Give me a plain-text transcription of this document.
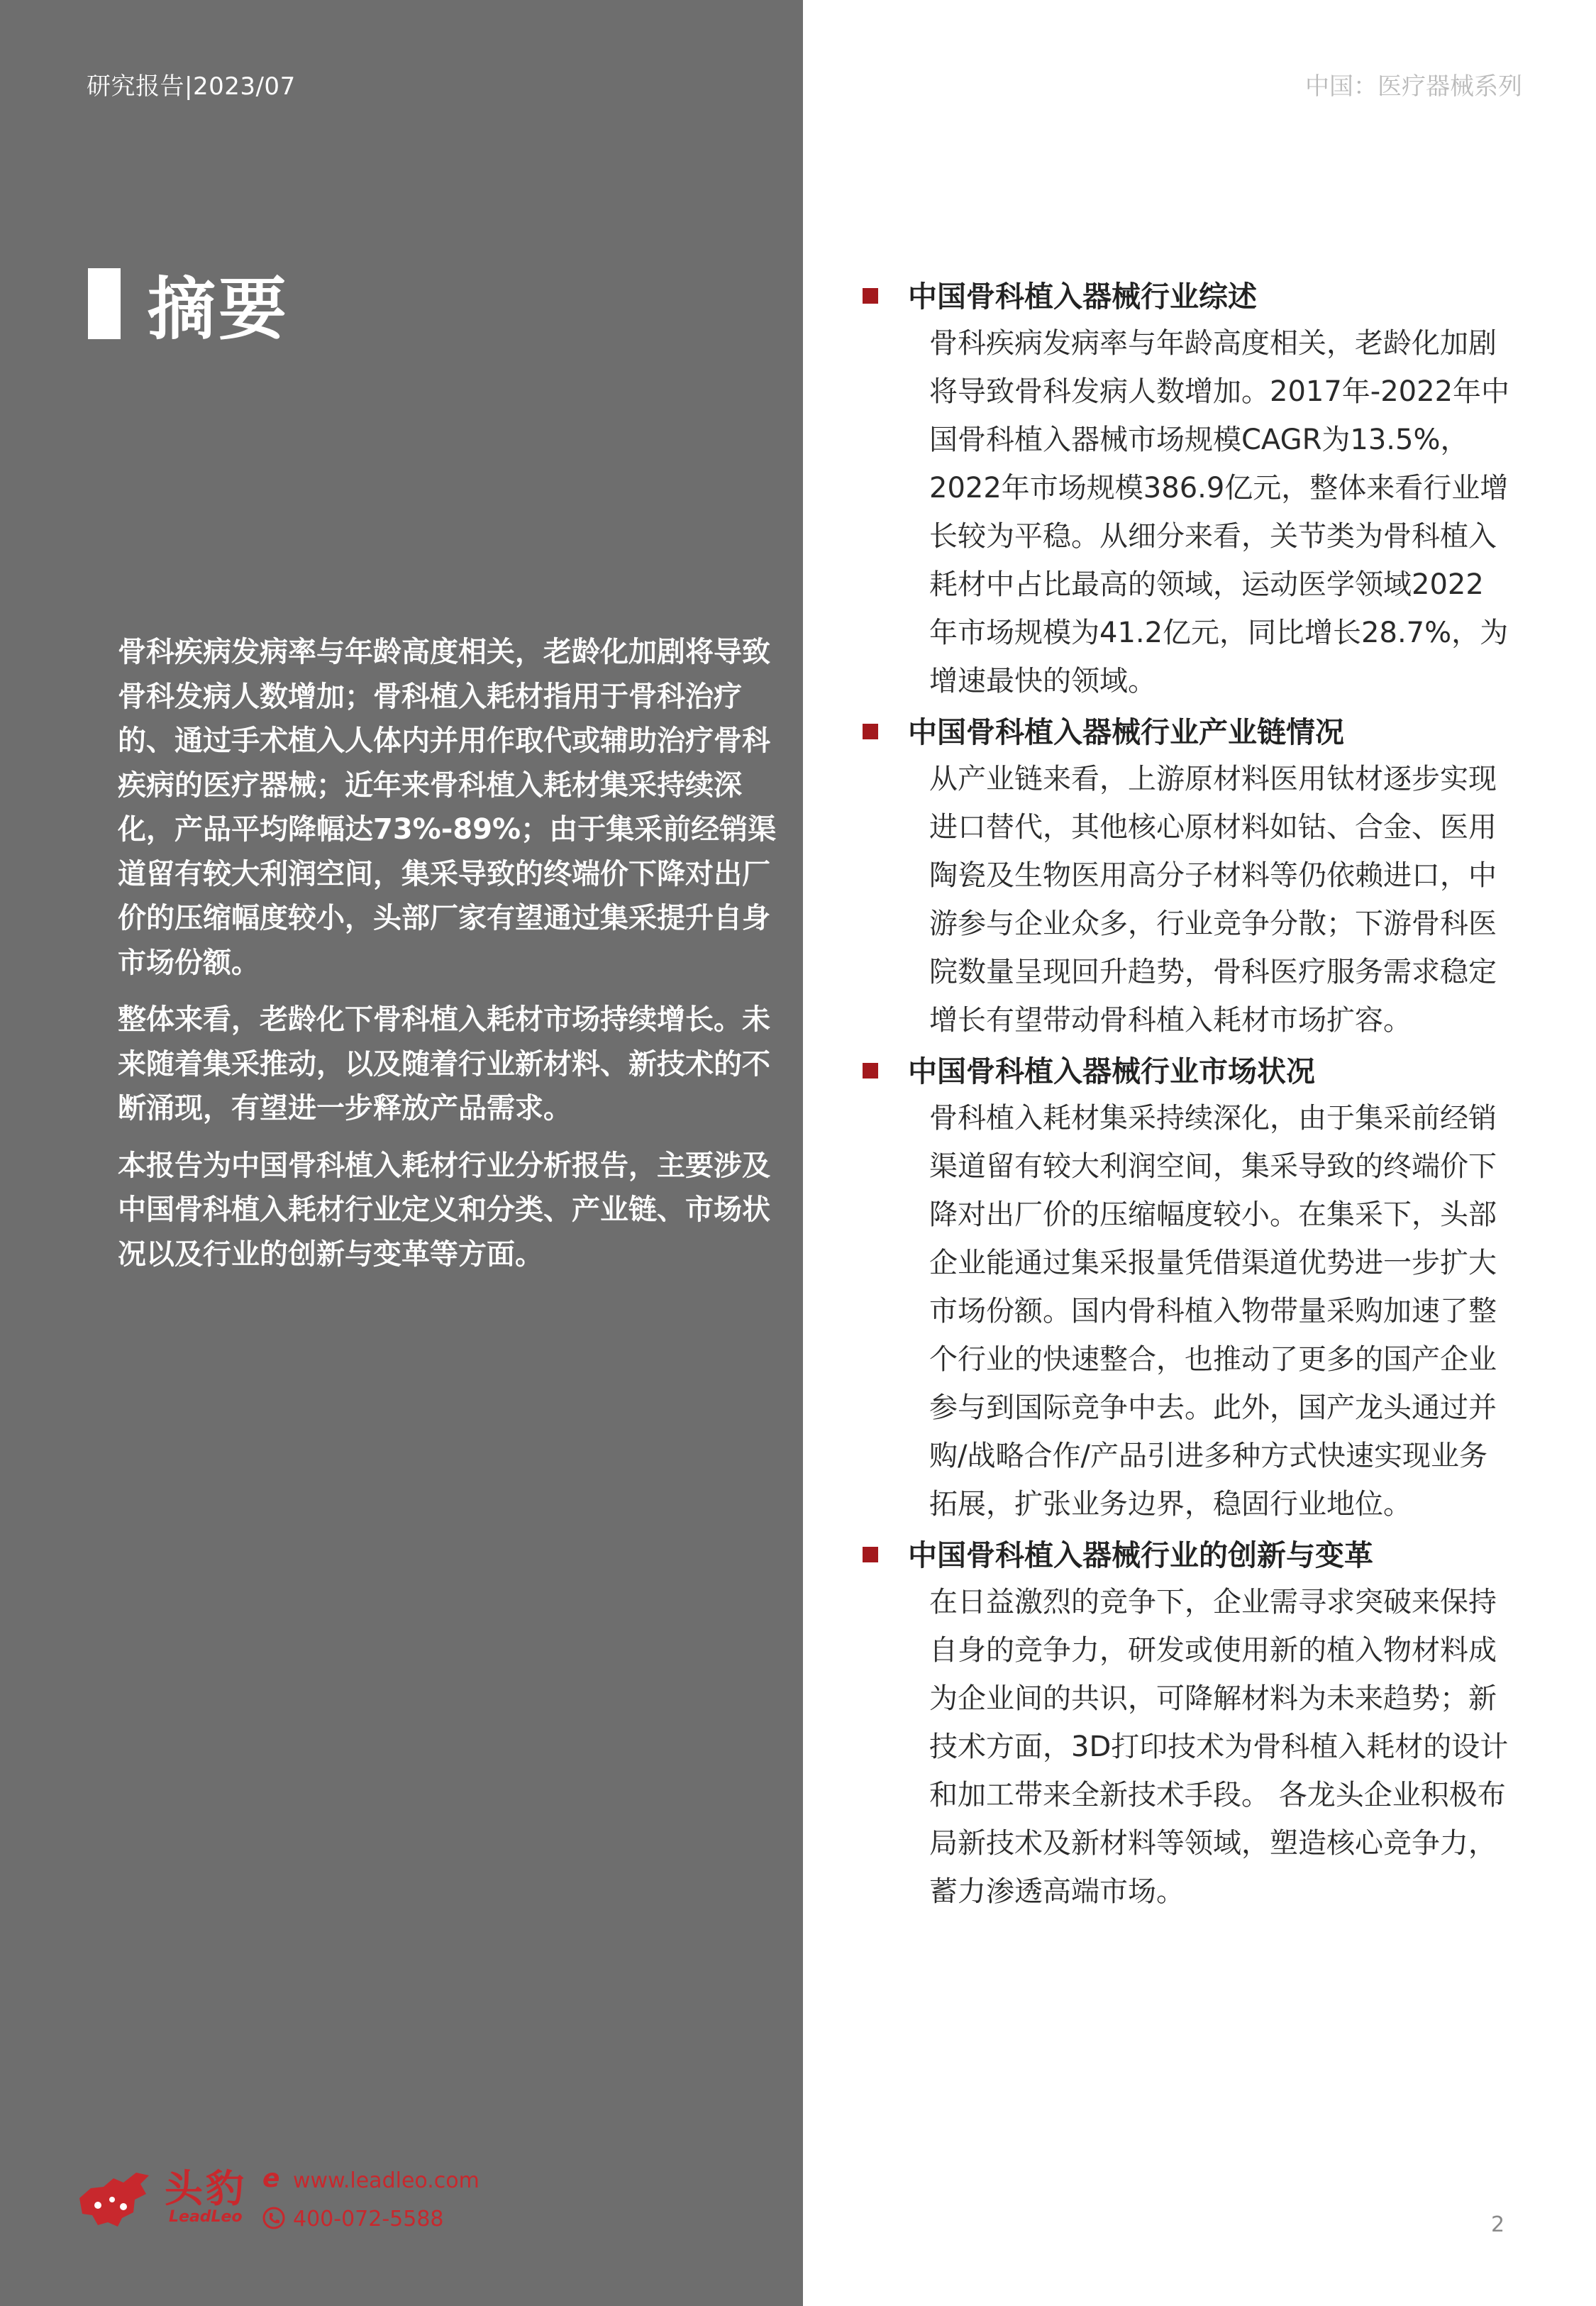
研究报告|2023/07	中国：医疗器械系列
摘要

骨科疾病发病率与年龄高度相关，老龄化加剧将导致骨科发病人数增加；骨科植入耗材指用于骨科治疗的、通过手术植入人体内并用作取代或辅助治疗骨科疾病的医疗器械；近年来骨科植入耗材集采持续深化，产品平均降幅达73%-89%；由于集采前经销渠道留有较大利润空间，集采导致的终端价下降对出厂价的压缩幅度较小，头部厂家有望通过集采提升自身市场份额。

整体来看，老龄化下骨科植入耗材市场持续增长。未来随着集采推动，以及随着行业新材料、新技术的不断涌现，有望进一步释放产品需求。

本报告为中国骨科植入耗材行业分析报告，主要涉及中国骨科植入耗材行业定义和分类、产业链、市场状况以及行业的创新与变革等方面。

中国骨科植入器械行业综述
骨科疾病发病率与年龄高度相关，老龄化加剧将导致骨科发病人数增加。2017年-2022年中国骨科植入器械市场规模CAGR为13.5%，2022年市场规模386.9亿元，整体来看行业增长较为平稳。从细分来看，关节类为骨科植入耗材中占比最高的领域，运动医学领域2022年市场规模为41.2亿元，同比增长28.7%，为增速最快的领域。
中国骨科植入器械行业产业链情况
从产业链来看，上游原材料医用钛材逐步实现进口替代，其他核心原材料如钴、合金、医用陶瓷及生物医用高分子材料等仍依赖进口，中游参与企业众多，行业竞争分散；下游骨科医院数量呈现回升趋势，骨科医疗服务需求稳定增长有望带动骨科植入耗材市场扩容。
中国骨科植入器械行业市场状况
骨科植入耗材集采持续深化，由于集采前经销渠道留有较大利润空间，集采导致的终端价下降对出厂价的压缩幅度较小。在集采下，头部企业能通过集采报量凭借渠道优势进一步扩大市场份额。国内骨科植入物带量采购加速了整个行业的快速整合，也推动了更多的国产企业参与到国际竞争中去。此外，国产龙头通过并购/战略合作/产品引进多种方式快速实现业务拓展，扩张业务边界，稳固行业地位。
中国骨科植入器械行业的创新与变革
在日益激烈的竞争下，企业需寻求突破来保持自身的竞争力，研发或使用新的植入物材料成为企业间的共识，可降解材料为未来趋势；新技术方面，3D打印技术为骨科植入耗材的设计和加工带来全新技术手段。 各龙头企业积极布局新技术及新材料等领域，塑造核心竞争力，蓄力渗透高端市场。
头豹
LeadLeo
e www.leadleo.com
400-072-5588	2
